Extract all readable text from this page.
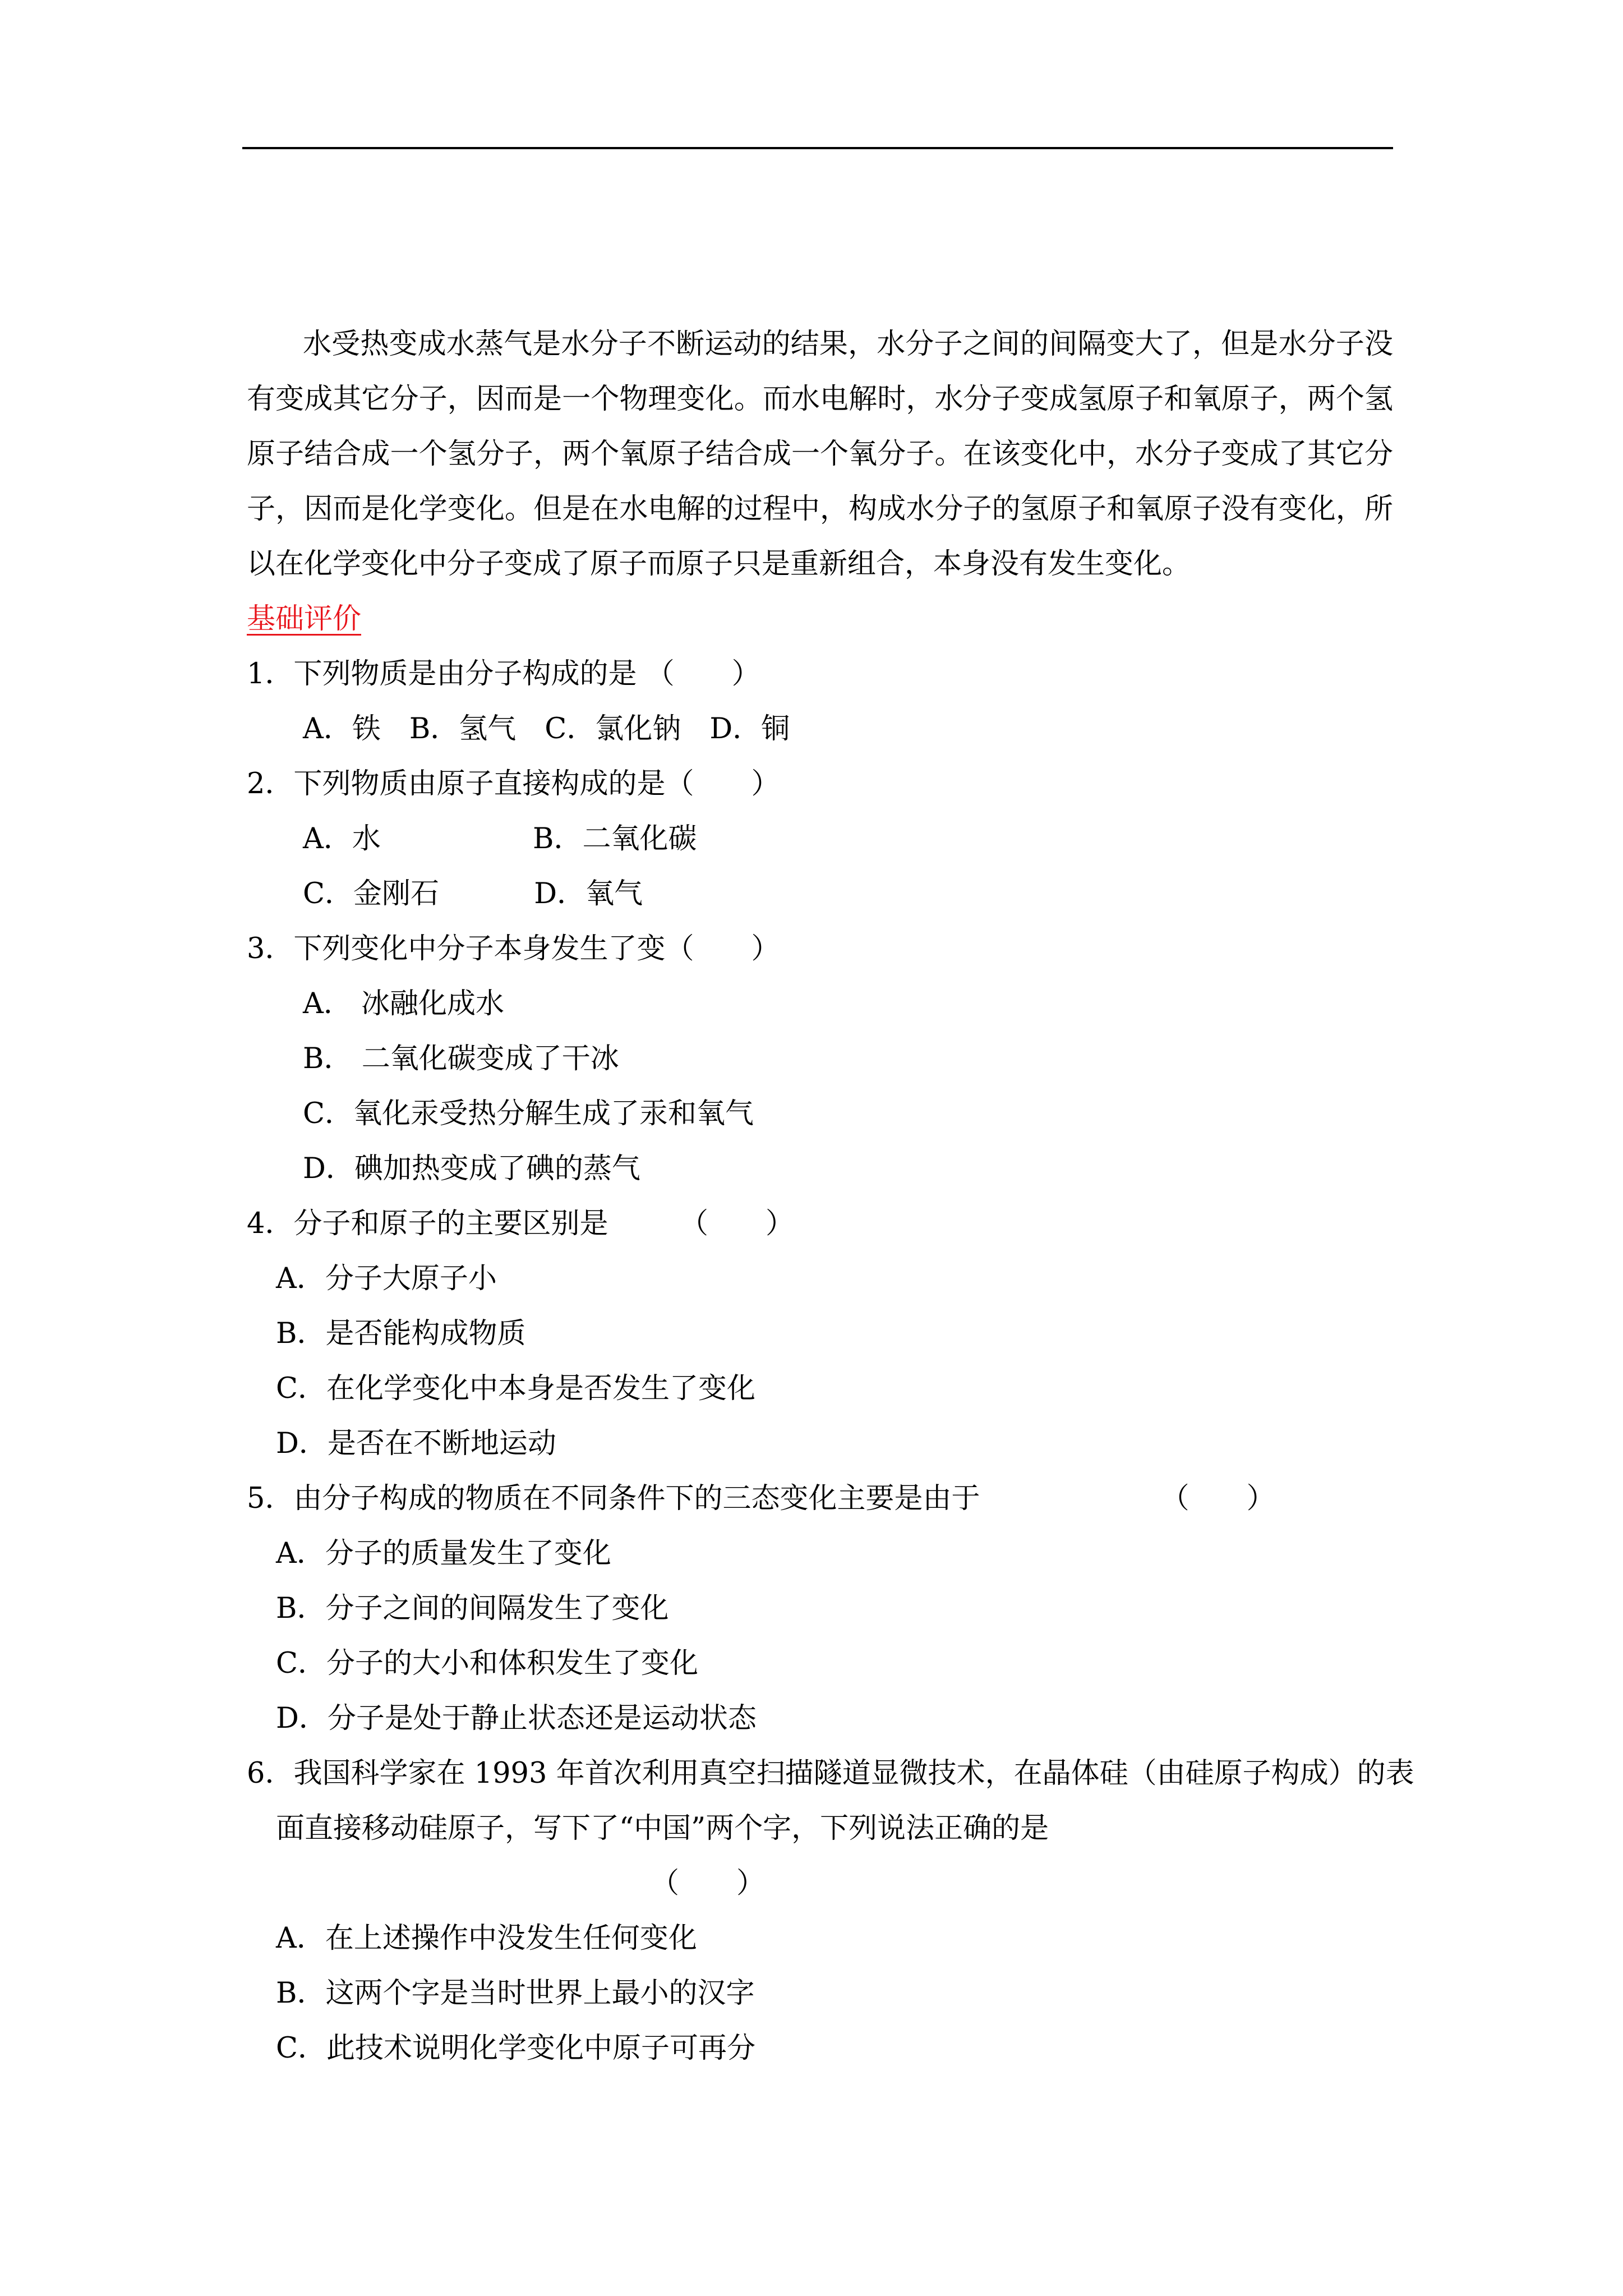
水受热变成水蒸气是水分子不断运动的结果，水分子之间的间隔变大了，但是水分子没有变成其它分子，因而是一个物理变化。而水电解时，水分子变成氢原子和氧原子，两个氢原子结合成一个氢分子，两个氧原子结合成一个氧分子。在该变化中，水分子变成了其它分子，因而是化学变化。但是在水电解的过程中，构成水分子的氢原子和氧原子没有变化，所以在化学变化中分子变成了原子而原子只是重新组合，本身没有发生变化。

基础评价

1．下列物质是由分子构成的是 （　　）

A．铁　B．氢气　C．氯化钠　D．铜

2．下列物质由原子直接构成的是（　　）

A．水　　　　　 B．二氧化碳

C．金刚石　　　 D．氧气

3．下列变化中分子本身发生了变（　　）

A． 冰融化成水

B． 二氧化碳变成了干冰

C．氧化汞受热分解生成了汞和氧气

D．碘加热变成了碘的蒸气

4．分子和原子的主要区别是　　　（　　）

A．分子大原子小

B．是否能构成物质

C．在化学变化中本身是否发生了变化

D．是否在不断地运动

5．由分子构成的物质在不同条件下的三态变化主要是由于　　　　　　 （　　）

A．分子的质量发生了变化

B．分子之间的间隔发生了变化

C．分子的大小和体积发生了变化

D．分子是处于静止状态还是运动状态

6．我国科学家在 1993 年首次利用真空扫描隧道显微技术，在晶体硅（由硅原子构成）的表

面直接移动硅原子，写下了“中国”两个字，下列说法正确的是

（　　）

A．在上述操作中没发生任何变化

B．这两个字是当时世界上最小的汉字

C．此技术说明化学变化中原子可再分
